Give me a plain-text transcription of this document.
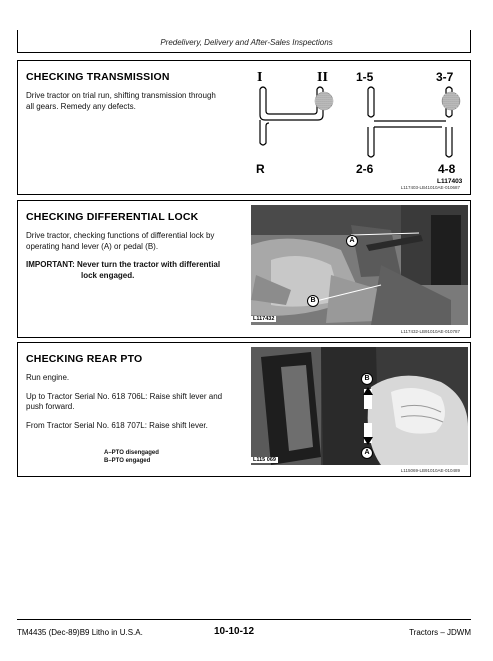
Predelivery, Delivery and After-Sales Inspections
CHECKING TRANSMISSION

Drive tractor on trial run, shifting transmission through all gears. Remedy any defects.

I	II 1-5	3-7
R	2-6	4-8
L117403
L117403-LB41010AE-010687
CHECKING DIFFERENTIAL LOCK

Drive tractor, checking functions of differential lock by operating hand lever (A) or pedal (B).

IMPORTANT: Never turn the tractor with differential
lock engaged.

A
B
L117432
L117432-LB91010AE-010787
CHECKING REAR PTO

Run engine.

Up to Tractor Serial No. 618 706L: Raise shift lever and push forward.

From Tractor Serial No. 618 707L: Raise shift lever.

A–PTO disengaged
B–PTO engaged
B
A
L115 069
L115069-LB91010AE-010489
TM4435 (Dec-89)B9 Litho in U.S.A.	10-10-12	Tractors – JDWM
